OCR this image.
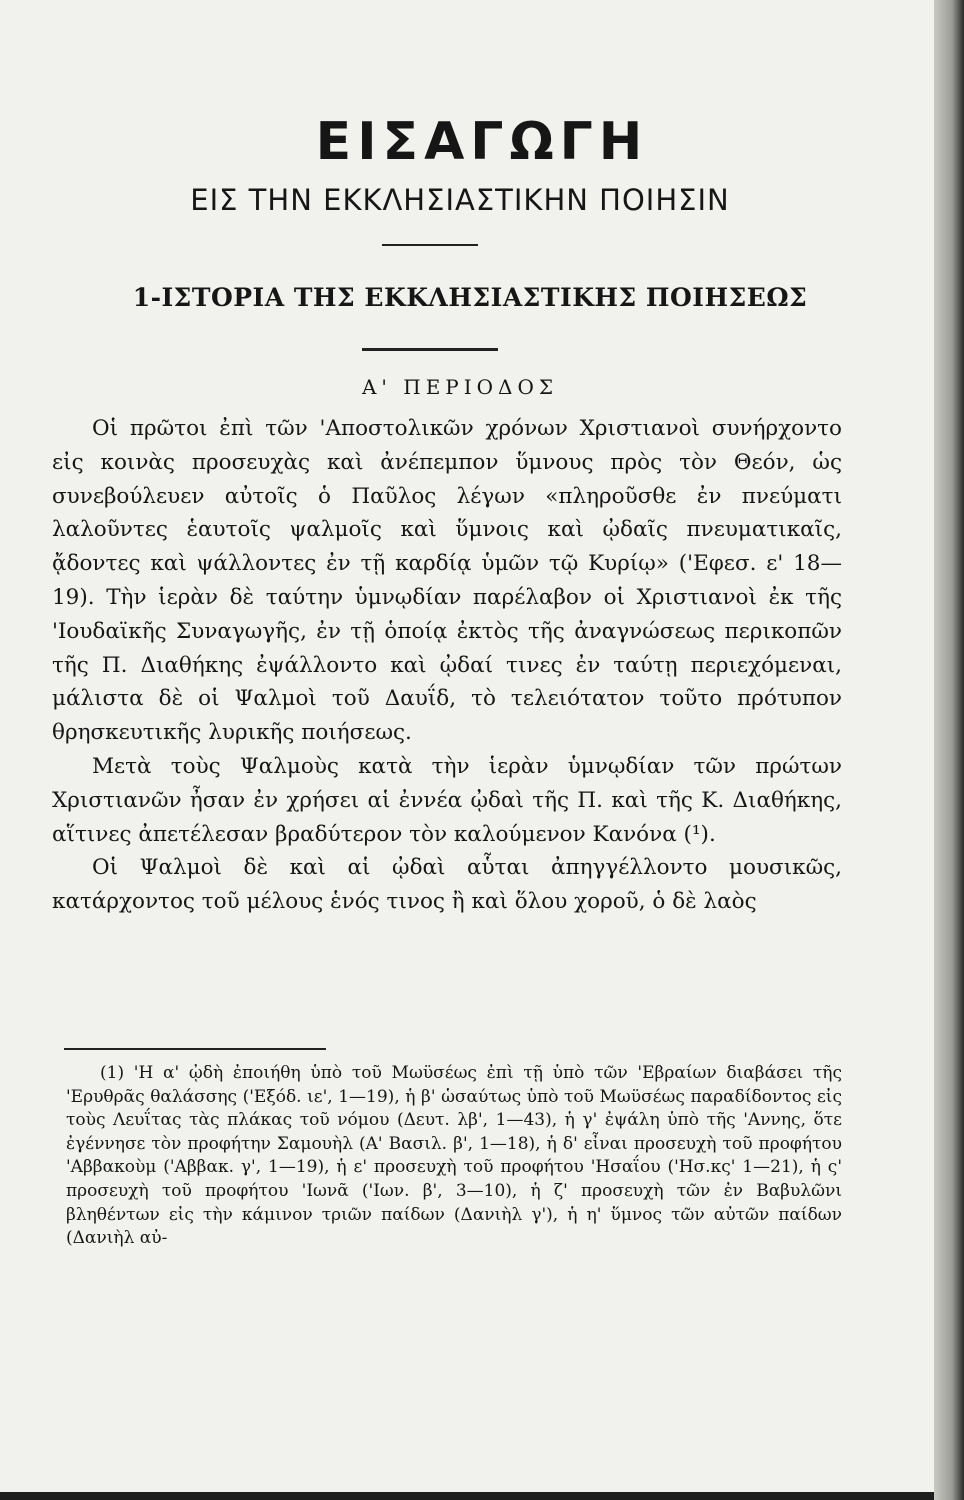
ΕΙΣΑΓΩΓΗ
ΕΙΣ ΤΗΝ ΕΚΚΛΗΣΙΑΣΤΙΚΗΝ ΠΟΙΗΣΙΝ
1-ΙΣΤΟΡΙΑ ΤΗΣ ΕΚΚΛΗΣΙΑΣΤΙΚΗΣ ΠΟΙΗΣΕΩΣ
Α' ΠΕΡΙΟΔΟΣ

Οἱ πρῶτοι ἐπὶ τῶν 'Αποστολικῶν χρόνων Χριστιανοὶ συνήρχοντο εἰς κοινὰς προσευχὰς καὶ ἀνέπεμπον ὕμνους πρὸς τὸν Θεόν, ὡς συνεβούλευεν αὐτοῖς ὁ Παῦλος λέγων «πληροῦσθε ἐν πνεύματι λαλοῦντες ἑαυτοῖς ψαλμοῖς καὶ ὕμνοις καὶ ᾠδαῖς πνευματικαῖς, ᾄδοντες καὶ ψάλλοντες ἐν τῇ καρδίᾳ ὑμῶν τῷ Κυρίῳ» ('Εφεσ. ε' 18—19). Τὴν ἱερὰν δὲ ταύτην ὑμνῳδίαν παρέλαβον οἱ Χριστιανοὶ ἐκ τῆς 'Ιουδαϊκῆς Συναγωγῆς, ἐν τῇ ὁποίᾳ ἐκτὸς τῆς ἀναγνώσεως περικοπῶν τῆς Π. Διαθήκης ἐψάλλοντο καὶ ᾠδαί τινες ἐν ταύτῃ περιεχόμεναι, μάλιστα δὲ οἱ Ψαλμοὶ τοῦ Δαυΐδ, τὸ τελειότατον τοῦτο πρότυπον θρησκευτικῆς λυρικῆς ποιήσεως.

Μετὰ τοὺς Ψαλμοὺς κατὰ τὴν ἱερὰν ὑμνῳδίαν τῶν πρώτων Χριστιανῶν ἦσαν ἐν χρήσει αἱ ἐννέα ᾠδαὶ τῆς Π. καὶ τῆς Κ. Διαθήκης, αἵτινες ἀπετέλεσαν βραδύτερον τὸν καλούμενον Κανόνα (¹).

Οἱ Ψαλμοὶ δὲ καὶ αἱ ᾠδαὶ αὗται ἀπηγγέλλοντο μουσικῶς, κατάρχοντος τοῦ μέλους ἑνός τινος ἢ καὶ ὅλου χοροῦ, ὁ δὲ λαὸς

(1) 'Η α' ᾠδὴ ἐποιήθη ὑπὸ τοῦ Μωϋσέως ἐπὶ τῇ ὑπὸ τῶν 'Εβραίων διαβάσει τῆς 'Ερυθρᾶς θαλάσσης ('Εξόδ. ιε', 1—19), ἡ β' ὡσαύτως ὑπὸ τοῦ Μωϋσέως παραδίδοντος εἰς τοὺς Λευΐτας τὰς πλάκας τοῦ νόμου (Δευτ. λβ', 1—43), ἡ γ' ἐψάλη ὑπὸ τῆς 'Αννης, ὅτε ἐγέννησε τὸν προφήτην Σαμουὴλ (Α' Βασιλ. β', 1—18), ἡ δ' εἶναι προσευχὴ τοῦ προφήτου 'Αββακοὺμ ('Αββακ. γ', 1—19), ἡ ε' προσευχὴ τοῦ προφήτου 'Ησαΐου ('Ησ.κς' 1—21), ἡ ς' προσευχὴ τοῦ προφήτου 'Ιωνᾶ ('Ιων. β', 3—10), ἡ ζ' προσευχὴ τῶν ἐν Βαβυλῶνι βληθέντων εἰς τὴν κάμινον τριῶν παίδων (Δανιὴλ γ'), ἡ η' ὕμνος τῶν αὐτῶν παίδων (Δανιὴλ αὐ-
